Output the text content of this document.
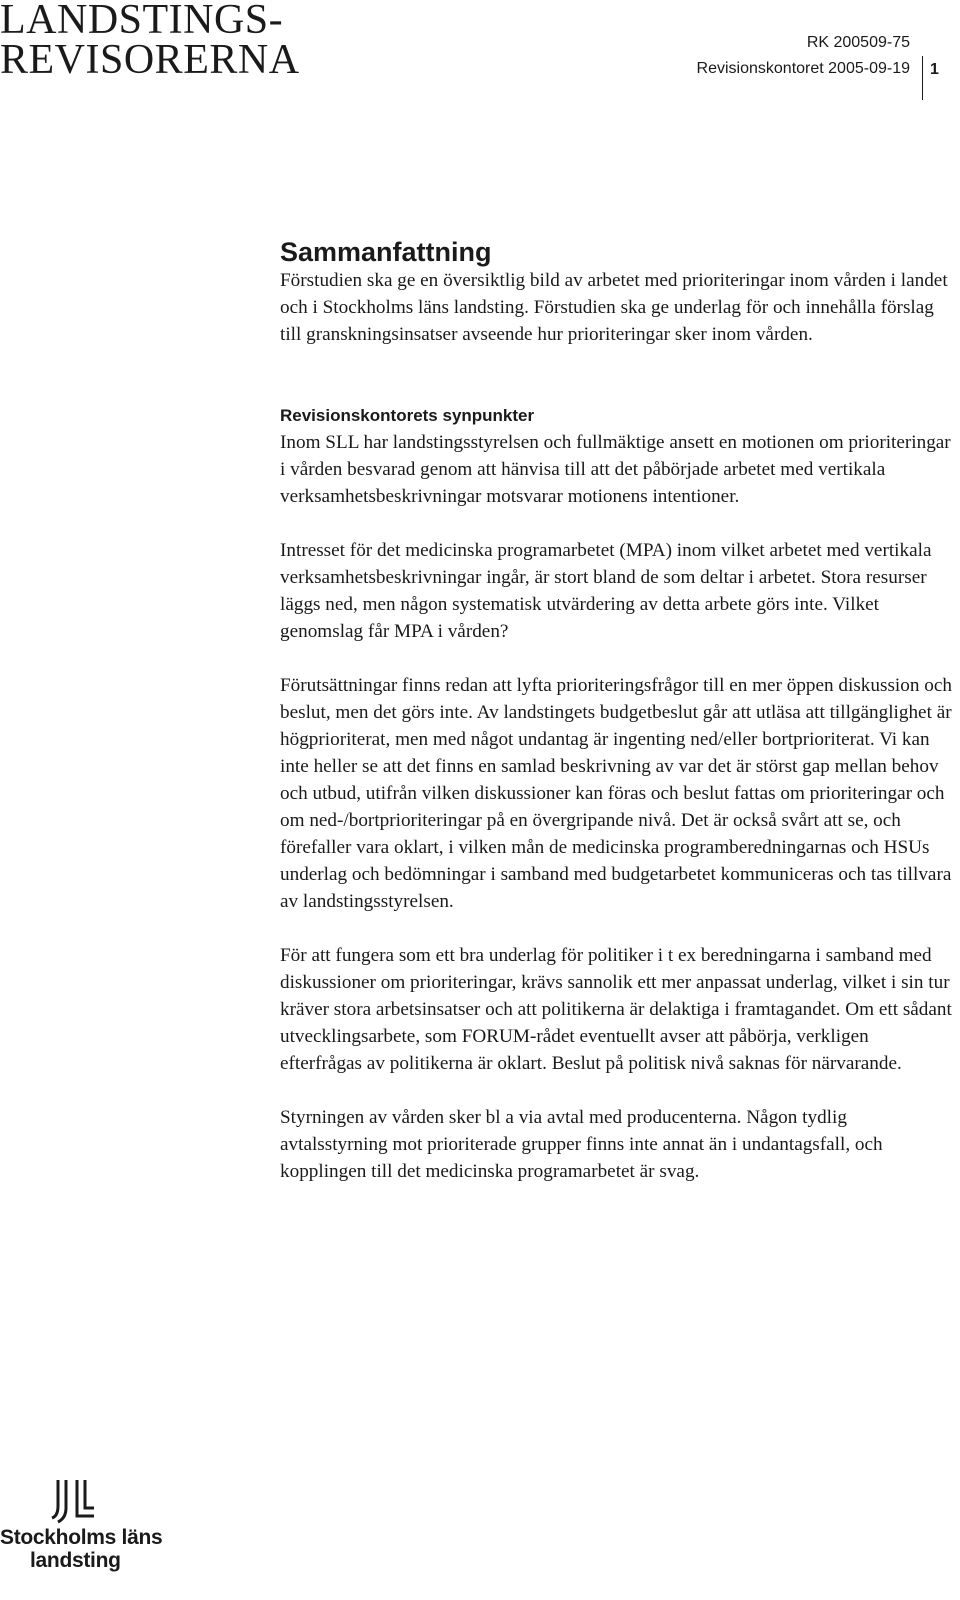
LANDSTINGS-
REVISORERNA	RK 200509-75
Revisionskontoret 2005-09-19 1
Sammanfattning

Förstudien ska ge en översiktlig bild av arbetet med prioriteringar inom vården i landet och i Stockholms läns landsting. Förstudien ska ge underlag för och innehålla förslag till granskningsinsatser avseende hur prioriteringar sker inom vården.

Revisionskontorets synpunkter

Inom SLL har landstingsstyrelsen och fullmäktige ansett en motionen om prioriteringar i vården besvarad genom att hänvisa till att det påbörjade arbetet med vertikala verksamhetsbeskrivningar motsvarar motionens intentioner.

Intresset för det medicinska programarbetet (MPA) inom vilket arbetet med vertikala verksamhetsbeskrivningar ingår, är stort bland de som deltar i arbetet. Stora resurser läggs ned, men någon systematisk utvärdering av detta arbete görs inte. Vilket genomslag får MPA i vården?

Förutsättningar finns redan att lyfta prioriteringsfrågor till en mer öppen diskussion och beslut, men det görs inte. Av landstingets budgetbeslut går att utläsa att tillgänglighet är högprioriterat, men med något undantag är ingenting ned/eller bortprioriterat. Vi kan inte heller se att det finns en samlad beskrivning av var det är störst gap mellan behov och utbud, utifrån vilken diskussioner kan föras och beslut fattas om prioriteringar och om ned-/bortprioriteringar på en övergripande nivå. Det är också svårt att se, och förefaller vara oklart, i vilken mån de medicinska programberedningarnas och HSUs underlag och bedömningar i samband med budgetarbetet kommuniceras och tas tillvara av landstingsstyrelsen.

För att fungera som ett bra underlag för politiker i t ex beredningarna i samband med diskussioner om prioriteringar, krävs sannolik ett mer anpassat underlag, vilket i sin tur kräver stora arbetsinsatser och att politikerna är delaktiga i framtagandet. Om ett sådant utvecklingsarbete, som FORUM-rådet eventuellt avser att påbörja, verkligen efterfrågas av politikerna är oklart. Beslut på politisk nivå saknas för närvarande.

Styrningen av vården sker bl a via avtal med producenterna. Någon tydlig avtalsstyrning mot prioriterade grupper finns inte annat än i undantagsfall, och kopplingen till det medicinska programarbetet är svag.

Stockholms läns
landsting
